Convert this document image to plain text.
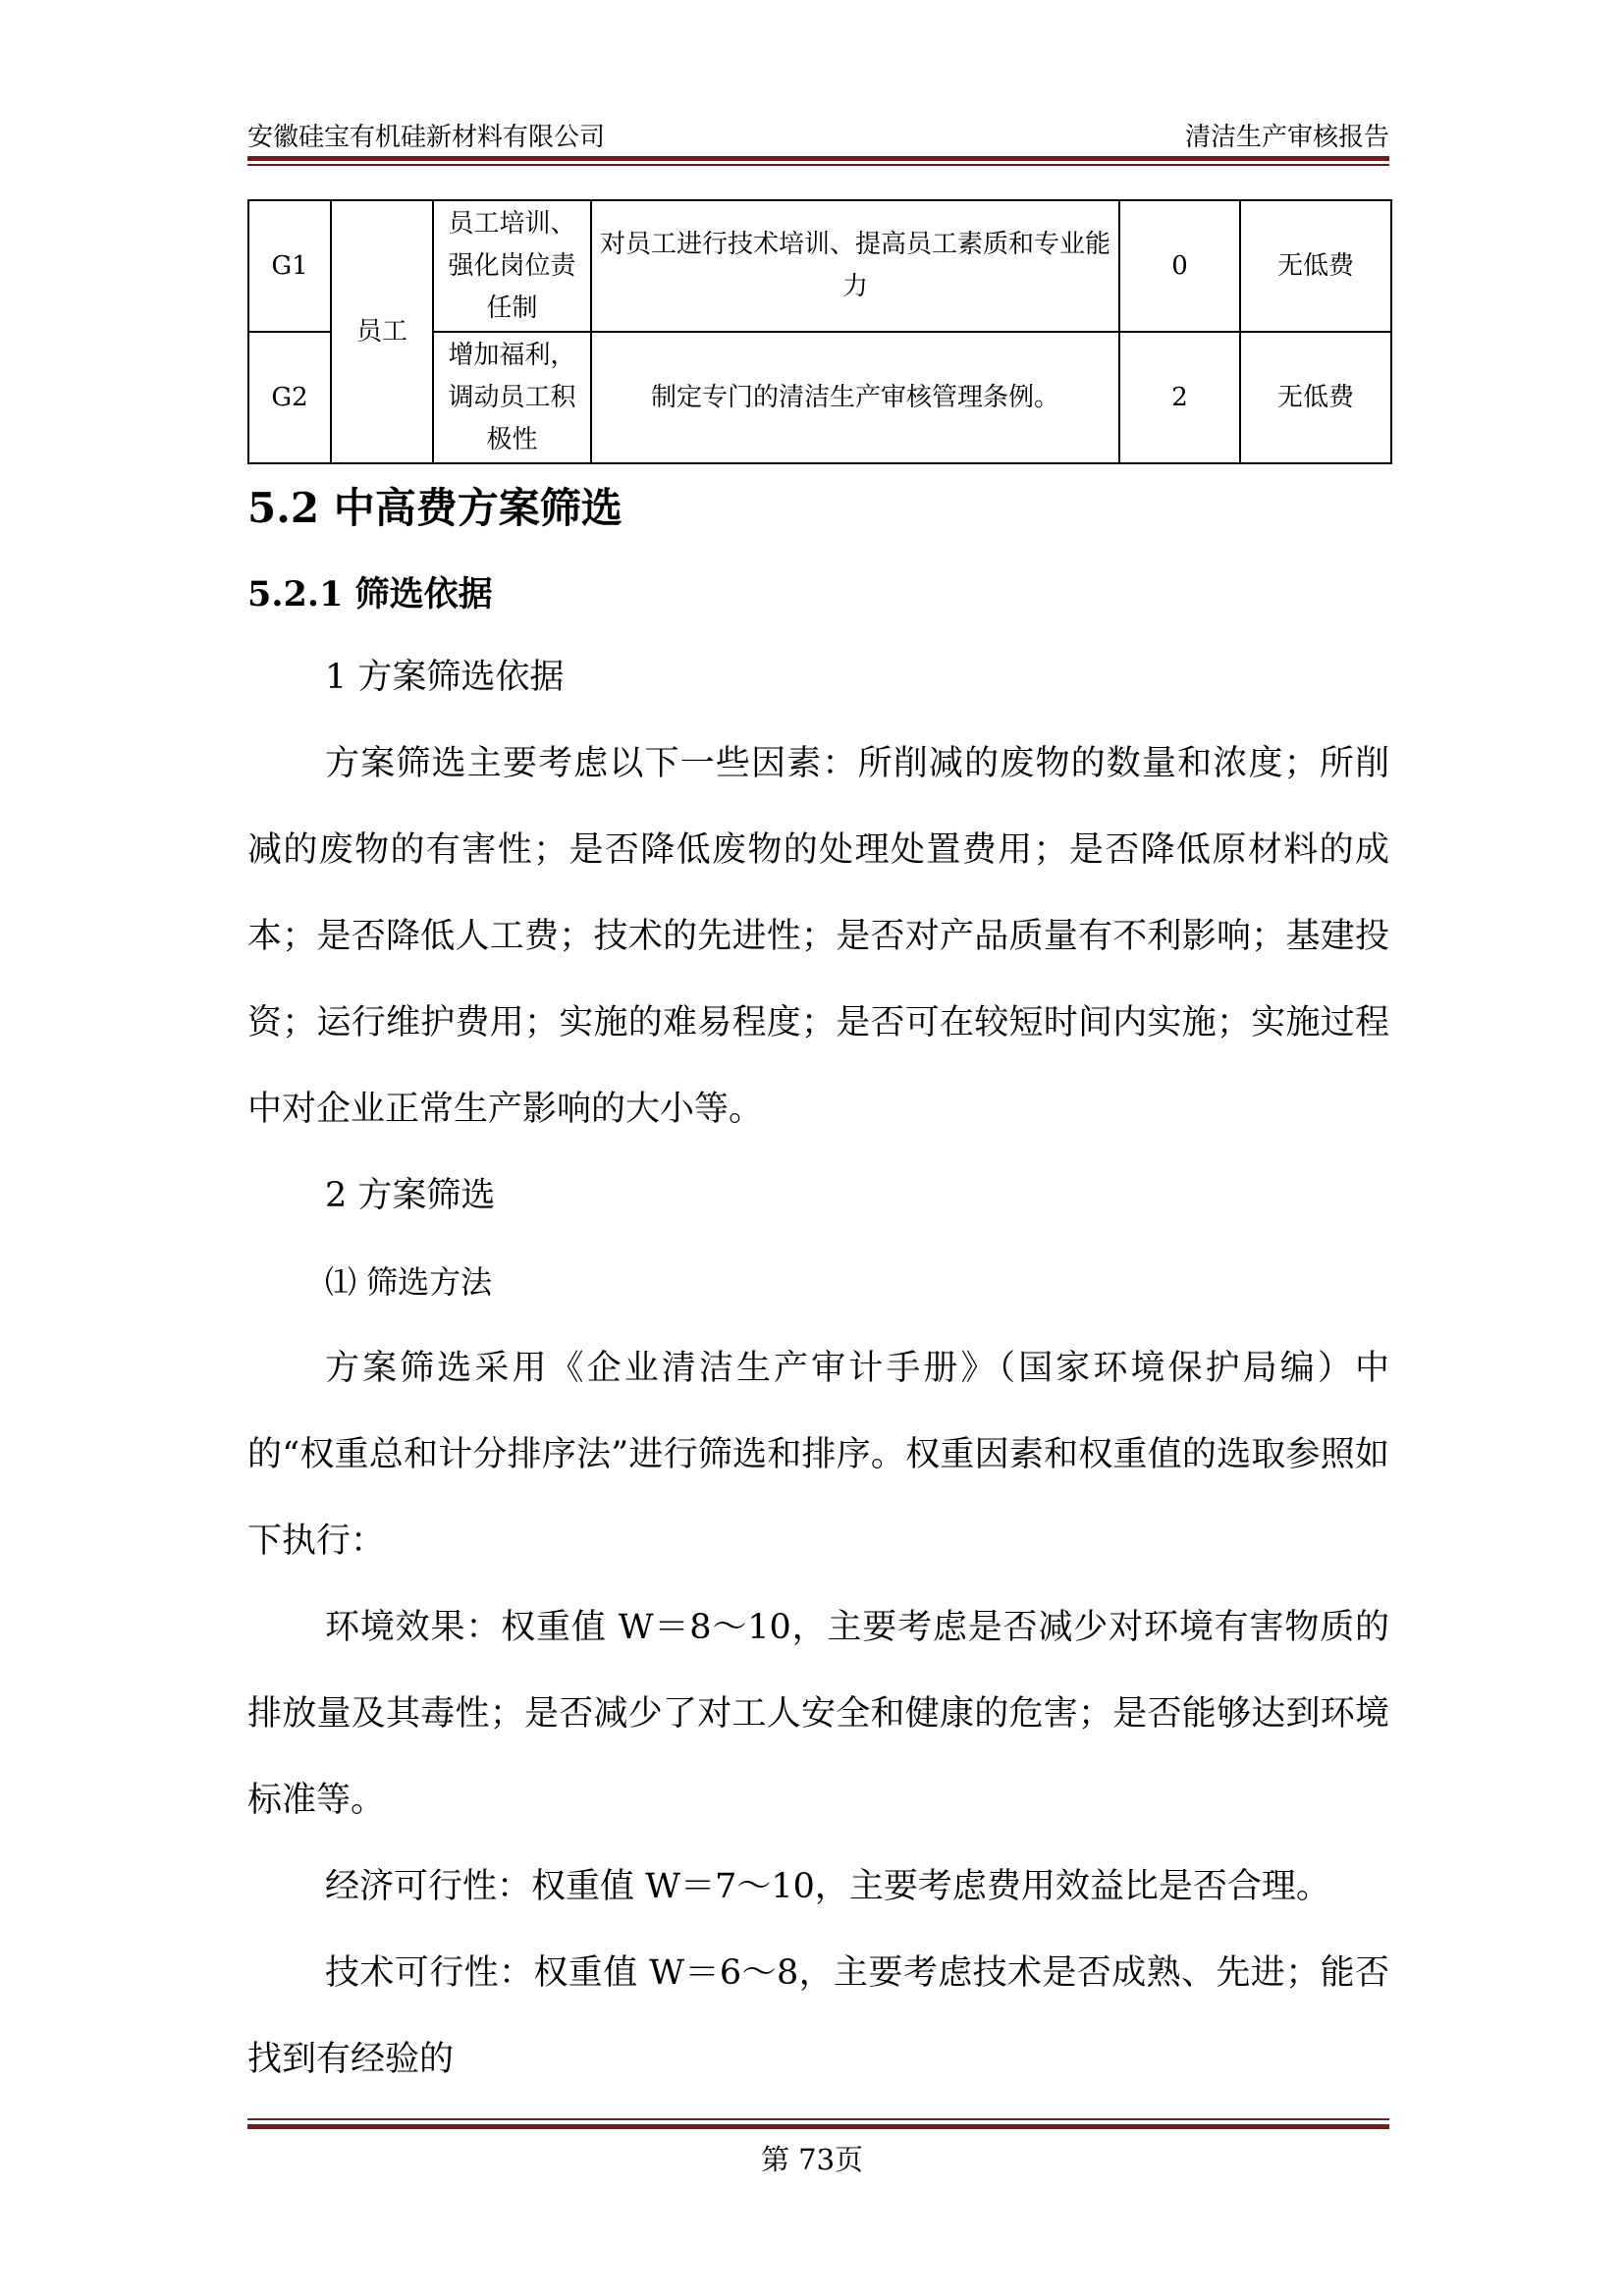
安徽硅宝有机硅新材料有限公司	清洁生产审核报告
G1	员工	员工培训、强化岗位责任制	对员工进行技术培训、提高员工素质和专业能力	0	无低费
G2		增加福利，调动员工积极性	制定专门的清洁生产审核管理条例。	2	无低费
5.2 中高费方案筛选
5.2.1 筛选依据

1 方案筛选依据

方案筛选主要考虑以下一些因素：所削减的废物的数量和浓度；所削减的废物的有害性；是否降低废物的处理处置费用；是否降低原材料的成本；是否降低人工费；技术的先进性；是否对产品质量有不利影响；基建投资；运行维护费用；实施的难易程度；是否可在较短时间内实施；实施过程中对企业正常生产影响的大小等。

2 方案筛选

⑴ 筛选方法

方案筛选采用《企业清洁生产审计手册》（国家环境保护局编）中的“权重总和计分排序法”进行筛选和排序。权重因素和权重值的选取参照如下执行：

环境效果：权重值 W＝8～10，主要考虑是否减少对环境有害物质的排放量及其毒性；是否减少了对工人安全和健康的危害；是否能够达到环境标准等。

经济可行性：权重值 W＝7～10，主要考虑费用效益比是否合理。

技术可行性：权重值 W＝6～8，主要考虑技术是否成熟、先进；能否找到有经验的

第 73页
